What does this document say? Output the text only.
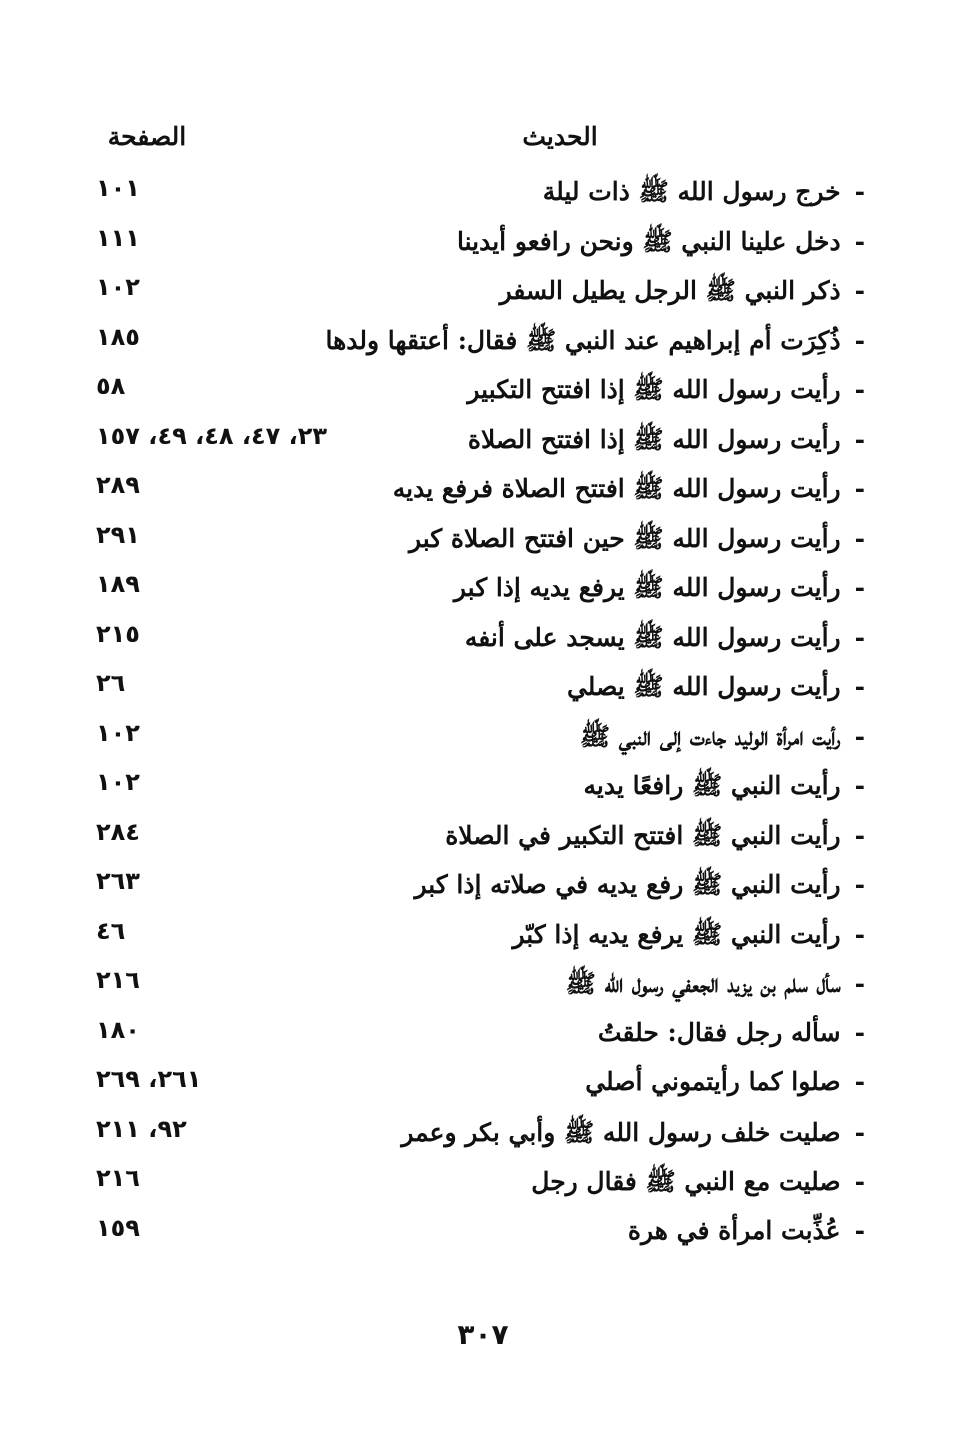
الحديث
الصفحة
-خرج رسول الله ﷺ ذات ليلة
١٠١
-دخل علينا النبي ﷺ ونحن رافعو أيدينا
١١١
-ذكر النبي ﷺ الرجل يطيل السفر
١٠٢
-ذُكِرَت أم إبراهيم عند النبي ﷺ فقال: أعتقها ولدها
١٨٥
-رأيت رسول الله ﷺ إذا افتتح التكبير
٥٨
-رأيت رسول الله ﷺ إذا افتتح الصلاة
٢٣، ٤٧، ٤٨، ٤٩، ١٥٧
-رأيت رسول الله ﷺ افتتح الصلاة فرفع يديه
٢٨٩
-رأيت رسول الله ﷺ حين افتتح الصلاة كبر
٢٩١
-رأيت رسول الله ﷺ يرفع يديه إذا كبر
١٨٩
-رأيت رسول الله ﷺ يسجد على أنفه
٢١٥
-رأيت رسول الله ﷺ يصلي
٢٦
-رأيت امرأة الوليد جاءت إلى النبي ﷺ
١٠٢
-رأيت النبي ﷺ رافعًا يديه
١٠٢
-رأيت النبي ﷺ افتتح التكبير في الصلاة
٢٨٤
-رأيت النبي ﷺ رفع يديه في صلاته إذا كبر
٢٦٣
-رأيت النبي ﷺ يرفع يديه إذا كبّر
٤٦
-سأل سلم بن يزيد الجعفي رسول الله ﷺ
٢١٦
-سأله رجل فقال: حلقتُ
١٨٠
-صلوا كما رأيتموني أصلي
٢٦١، ٢٦٩
-صليت خلف رسول الله ﷺ وأبي بكر وعمر
٩٢، ٢١١
-صليت مع النبي ﷺ فقال رجل
٢١٦
-عُذِّبت امرأة في هرة
١٥٩
٣٠٧
